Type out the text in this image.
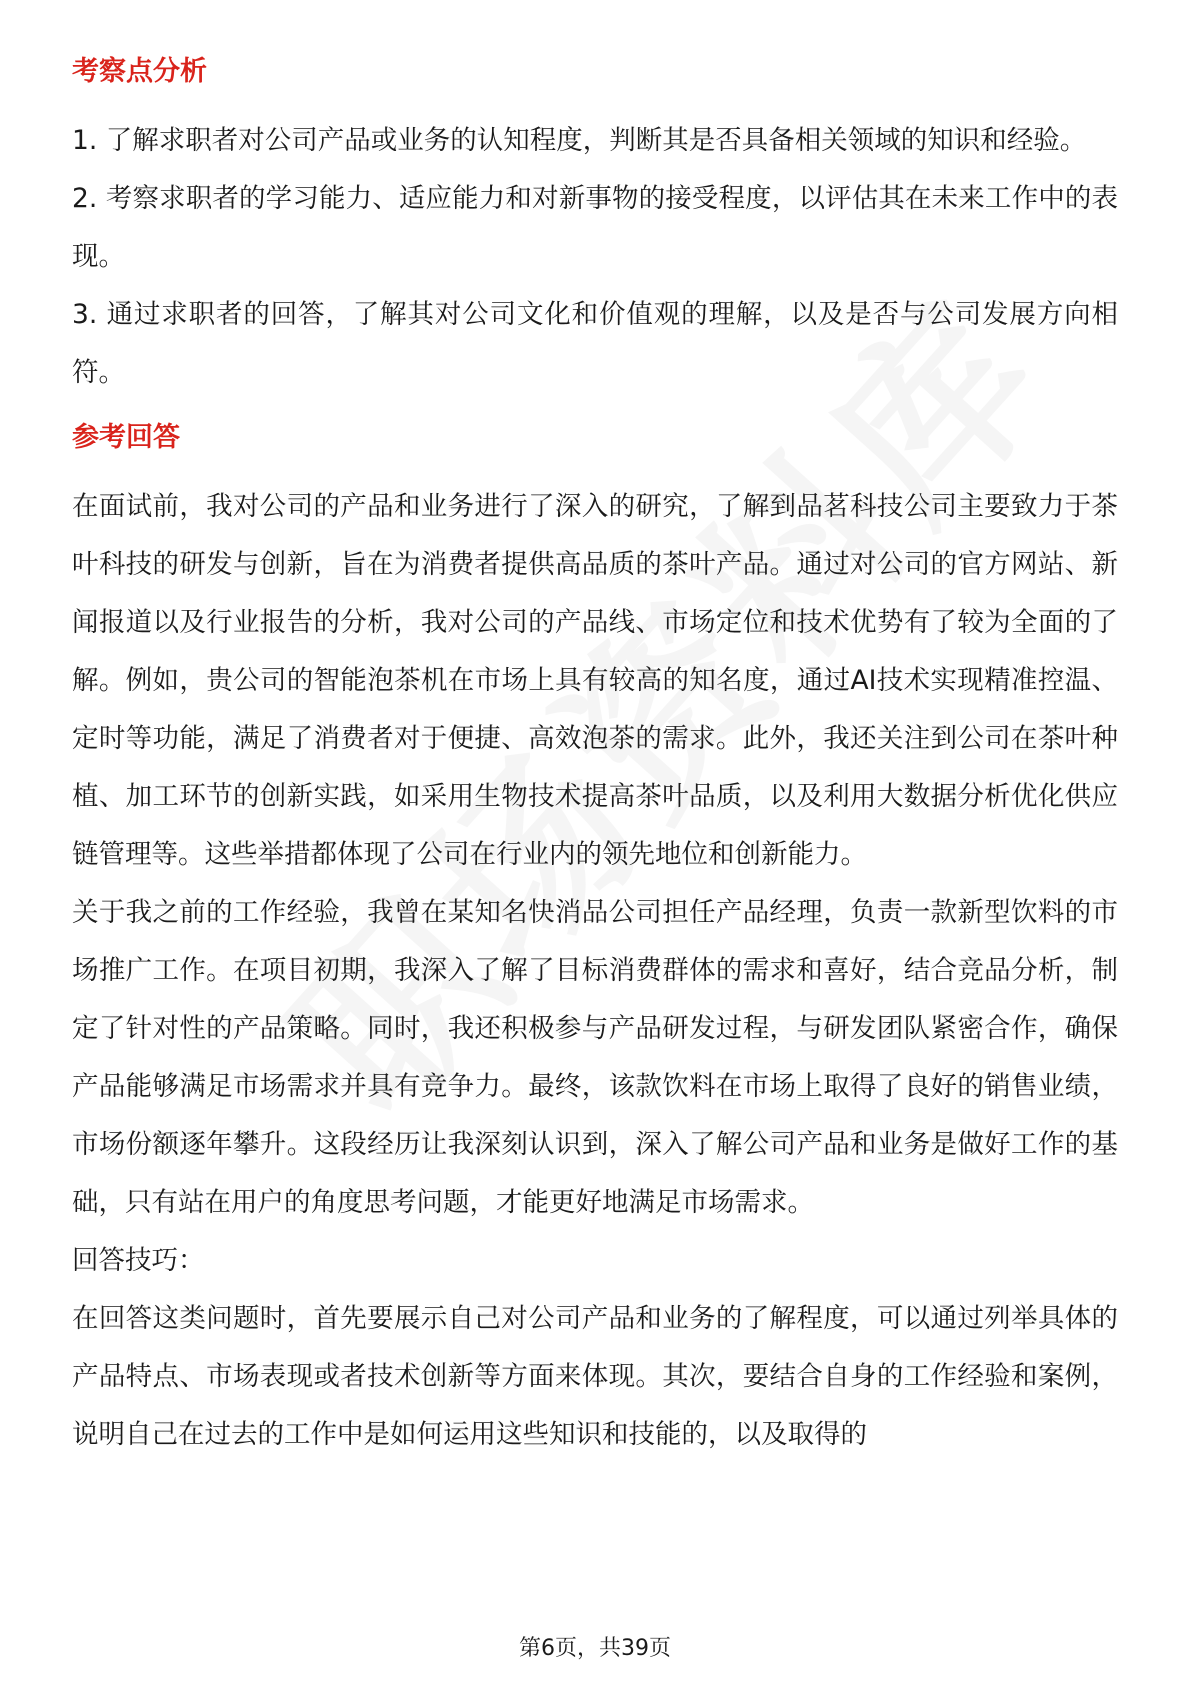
考察点分析

1. 了解求职者对公司产品或业务的认知程度，判断其是否具备相关领域的知识和经验。

2. 考察求职者的学习能力、适应能力和对新事物的接受程度，以评估其在未来工作中的表现。

3. 通过求职者的回答，了解其对公司文化和价值观的理解，以及是否与公司发展方向相符。

参考回答

在面试前，我对公司的产品和业务进行了深入的研究，了解到品茗科技公司主要致力于茶叶科技的研发与创新，旨在为消费者提供高品质的茶叶产品。通过对公司的官方网站、新闻报道以及行业报告的分析，我对公司的产品线、市场定位和技术优势有了较为全面的了解。例如，贵公司的智能泡茶机在市场上具有较高的知名度，通过AI技术实现精准控温、定时等功能，满足了消费者对于便捷、高效泡茶的需求。此外，我还关注到公司在茶叶种植、加工环节的创新实践，如采用生物技术提高茶叶品质，以及利用大数据分析优化供应链管理等。这些举措都体现了公司在行业内的领先地位和创新能力。

关于我之前的工作经验，我曾在某知名快消品公司担任产品经理，负责一款新型饮料的市场推广工作。在项目初期，我深入了解了目标消费群体的需求和喜好，结合竞品分析，制定了针对性的产品策略。同时，我还积极参与产品研发过程，与研发团队紧密合作，确保产品能够满足市场需求并具有竞争力。最终，该款饮料在市场上取得了良好的销售业绩，市场份额逐年攀升。这段经历让我深刻认识到，深入了解公司产品和业务是做好工作的基础，只有站在用户的角度思考问题，才能更好地满足市场需求。

回答技巧：

在回答这类问题时，首先要展示自己对公司产品和业务的了解程度，可以通过列举具体的产品特点、市场表现或者技术创新等方面来体现。其次，要结合自身的工作经验和案例，说明自己在过去的工作中是如何运用这些知识和技能的，以及取得的

第6页，共39页
